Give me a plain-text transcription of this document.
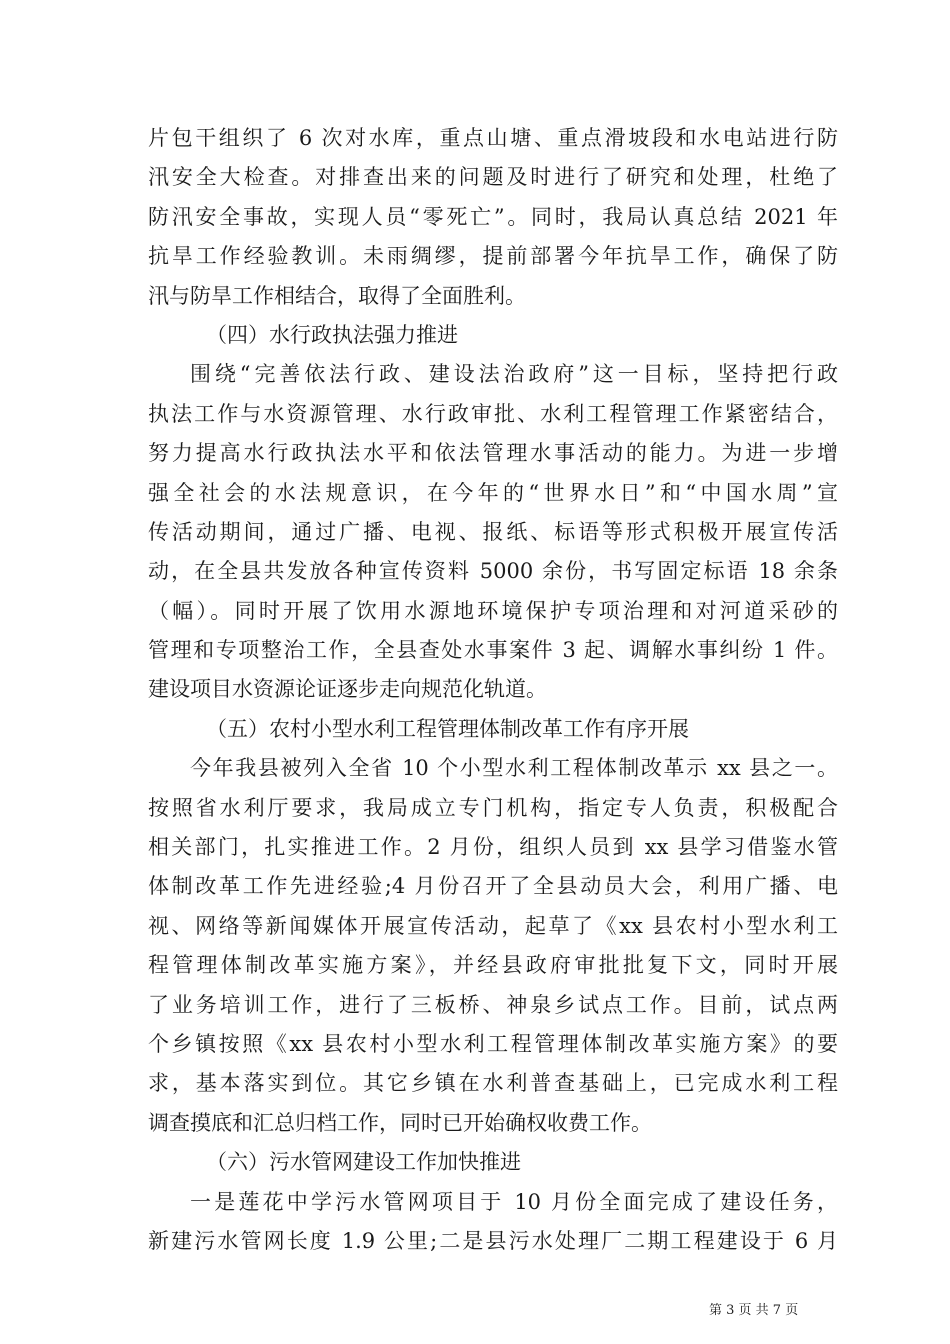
片包干组织了 6 次对水库，重点山塘、重点滑坡段和水电站进行防
汛安全大检查。对排查出来的问题及时进行了研究和处理，杜绝了
防汛安全事故，实现人员“零死亡”。同时，我局认真总结 2021 年
抗旱工作经验教训。未雨绸缪，提前部署今年抗旱工作，确保了防
汛与防旱工作相结合，取得了全面胜利。
（四）水行政执法强力推进
围绕“完善依法行政、建设法治政府”这一目标，坚持把行政
执法工作与水资源管理、水行政审批、水利工程管理工作紧密结合，
努力提高水行政执法水平和依法管理水事活动的能力。为进一步增
强全社会的水法规意识，在今年的“世界水日”和“中国水周”宣
传活动期间，通过广播、电视、报纸、标语等形式积极开展宣传活
动，在全县共发放各种宣传资料 5000 余份，书写固定标语 18 余条
（幅）。同时开展了饮用水源地环境保护专项治理和对河道采砂的
管理和专项整治工作，全县查处水事案件 3 起、调解水事纠纷 1 件。
建设项目水资源论证逐步走向规范化轨道。
（五）农村小型水利工程管理体制改革工作有序开展
今年我县被列入全省 10 个小型水利工程体制改革示 xx 县之一。
按照省水利厅要求，我局成立专门机构，指定专人负责，积极配合
相关部门，扎实推进工作。2 月份，组织人员到 xx 县学习借鉴水管
体制改革工作先进经验;4 月份召开了全县动员大会，利用广播、电
视、网络等新闻媒体开展宣传活动，起草了《xx 县农村小型水利工
程管理体制改革实施方案》，并经县政府审批批复下文，同时开展
了业务培训工作，进行了三板桥、神泉乡试点工作。目前，试点两
个乡镇按照《xx 县农村小型水利工程管理体制改革实施方案》的要
求，基本落实到位。其它乡镇在水利普查基础上，已完成水利工程
调查摸底和汇总归档工作，同时已开始确权收费工作。
（六）污水管网建设工作加快推进
一是莲花中学污水管网项目于 10 月份全面完成了建设任务，
新建污水管网长度 1.9 公里;二是县污水处理厂二期工程建设于 6 月
第 3 页 共 7 页
